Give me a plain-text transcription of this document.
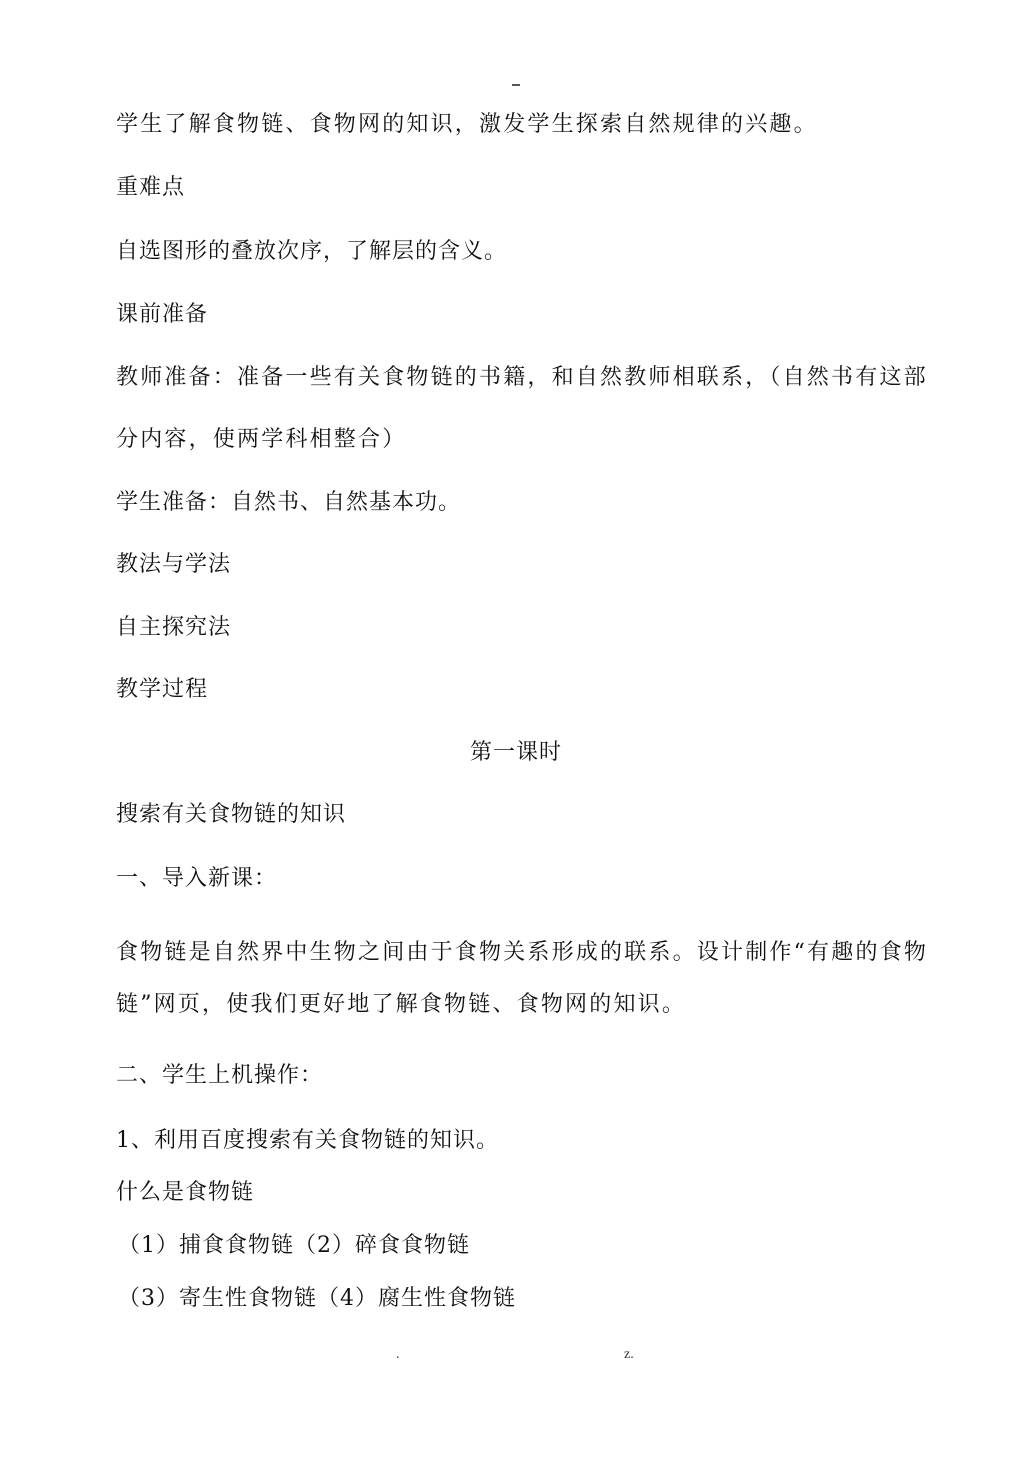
学生了解食物链、食物网的知识，激发学生探索自然规律的兴趣。
重难点
自选图形的叠放次序，了解层的含义。
课前准备
教师准备：准备一些有关食物链的书籍，和自然教师相联系，（自然书有这部
分内容，使两学科相整合）
学生准备：自然书、自然基本功。
教法与学法
自主探究法
教学过程
第一课时
搜索有关食物链的知识
一、导入新课：
食物链是自然界中生物之间由于食物关系形成的联系。设计制作“有趣的食物
链”网页，使我们更好地了解食物链、食物网的知识。
二、学生上机操作：
1、利用百度搜索有关食物链的知识。
什么是食物链
（1）捕食食物链（2）碎食食物链
（3）寄生性食物链（4）腐生性食物链
.	z.
